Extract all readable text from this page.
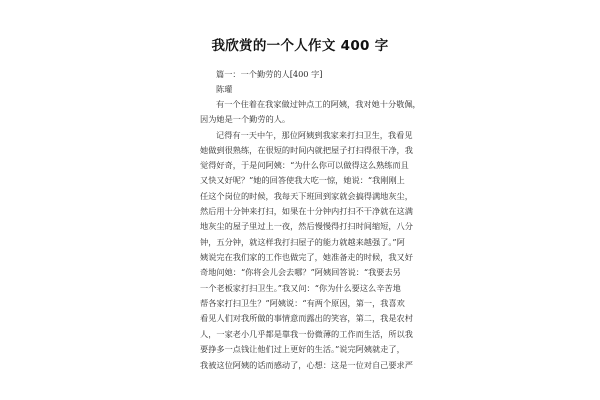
我欣赏的一个人作文 400 字
篇一：一个勤劳的人[400 字]
陈瓘
有一个住着在我家做过钟点工的阿姨，我对她十分敬佩，
因为她是一个勤劳的人。
记得有一天中午，那位阿姨到我家来打扫卫生，我看见
她做到很熟练，在很短的时间内就把屋子打扫得很干净，我
觉得好奇，于是问阿姨：“为什么你可以做得这么熟练而且
又快又好呢？”她的回答使我大吃一惊，她说：“我刚刚上
任这个岗位的时候，我每天下班回到家就会搞得满地灰尘，
然后用十分钟来打扫，如果在十分钟内打扫不干净就在这满
地灰尘的屋子里过上一夜，然后慢慢得打扫时间缩短，八分
钟，五分钟，就这样我打扫屋子的能力就越来越强了。”阿
姨说完在我们家的工作也做完了，她准备走的时候，我又好
奇地问她：“你将会儿会去哪？”阿姨回答说：“我要去另
一个老板家打扫卫生。”我又问：“你为什么要这么辛苦地
帮各家打扫卫生？”阿姨说：“有两个原因，第一，我喜欢
看见人们对我所做的事情意而露出的笑容，第二，我是农村
人，一家老小几乎都是靠我一份微薄的工作而生活，所以我
要挣多一点钱让他们过上更好的生活。”说完阿姨就走了，
我被这位阿姨的话而感动了，心想：这是一位对自己要求严
